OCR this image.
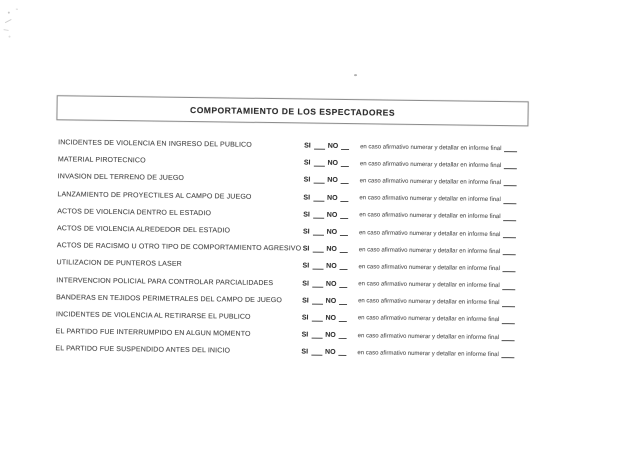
COMPORTAMIENTO DE LOS ESPECTADORES
INCIDENTES DE VIOLENCIA EN INGRESO DEL PUBLICO	SI NO	en caso afirmativo numerar y detallar en informe final
MATERIAL PIROTECNICO	SI NO	en caso afirmativo numerar y detallar en informe final
INVASION DEL TERRENO DE JUEGO	SI NO	en caso afirmativo numerar y detallar en informe final
LANZAMIENTO DE PROYECTILES AL CAMPO DE JUEGO	SI NO	en caso afirmativo numerar y detallar en informe final
ACTOS DE VIOLENCIA DENTRO EL ESTADIO	SI NO	en caso afirmativo numerar y detallar en informe final
ACTOS DE VIOLENCIA ALREDEDOR DEL ESTADIO	SI NO	en caso afirmativo numerar y detallar en informe final
ACTOS DE RACISMO U OTRO TIPO DE COMPORTAMIENTO AGRESIVO SI NO	en caso afirmativo numerar y detallar en informe final
UTILIZACION DE PUNTEROS LASER	SI NO	en caso afirmativo numerar y detallar en informe final
INTERVENCION POLICIAL PARA CONTROLAR PARCIALIDADES	SI NO	en caso afirmativo numerar y detallar en informe final
BANDERAS EN TEJIDOS PERIMETRALES DEL CAMPO DE JUEGO	SI NO	en caso afirmativo numerar y detallar en informe final
INCIDENTES DE VIOLENCIA AL RETIRARSE EL PUBLICO	SI NO	en caso afirmativo numerar y detallar en informe final
EL PARTIDO FUE INTERRUMPIDO EN ALGUN MOMENTO	SI NO	en caso afirmativo numerar y detallar en informe final
EL PARTIDO FUE SUSPENDIDO ANTES DEL INICIO	SI NO	en caso afirmativo numerar y detallar en informe final
